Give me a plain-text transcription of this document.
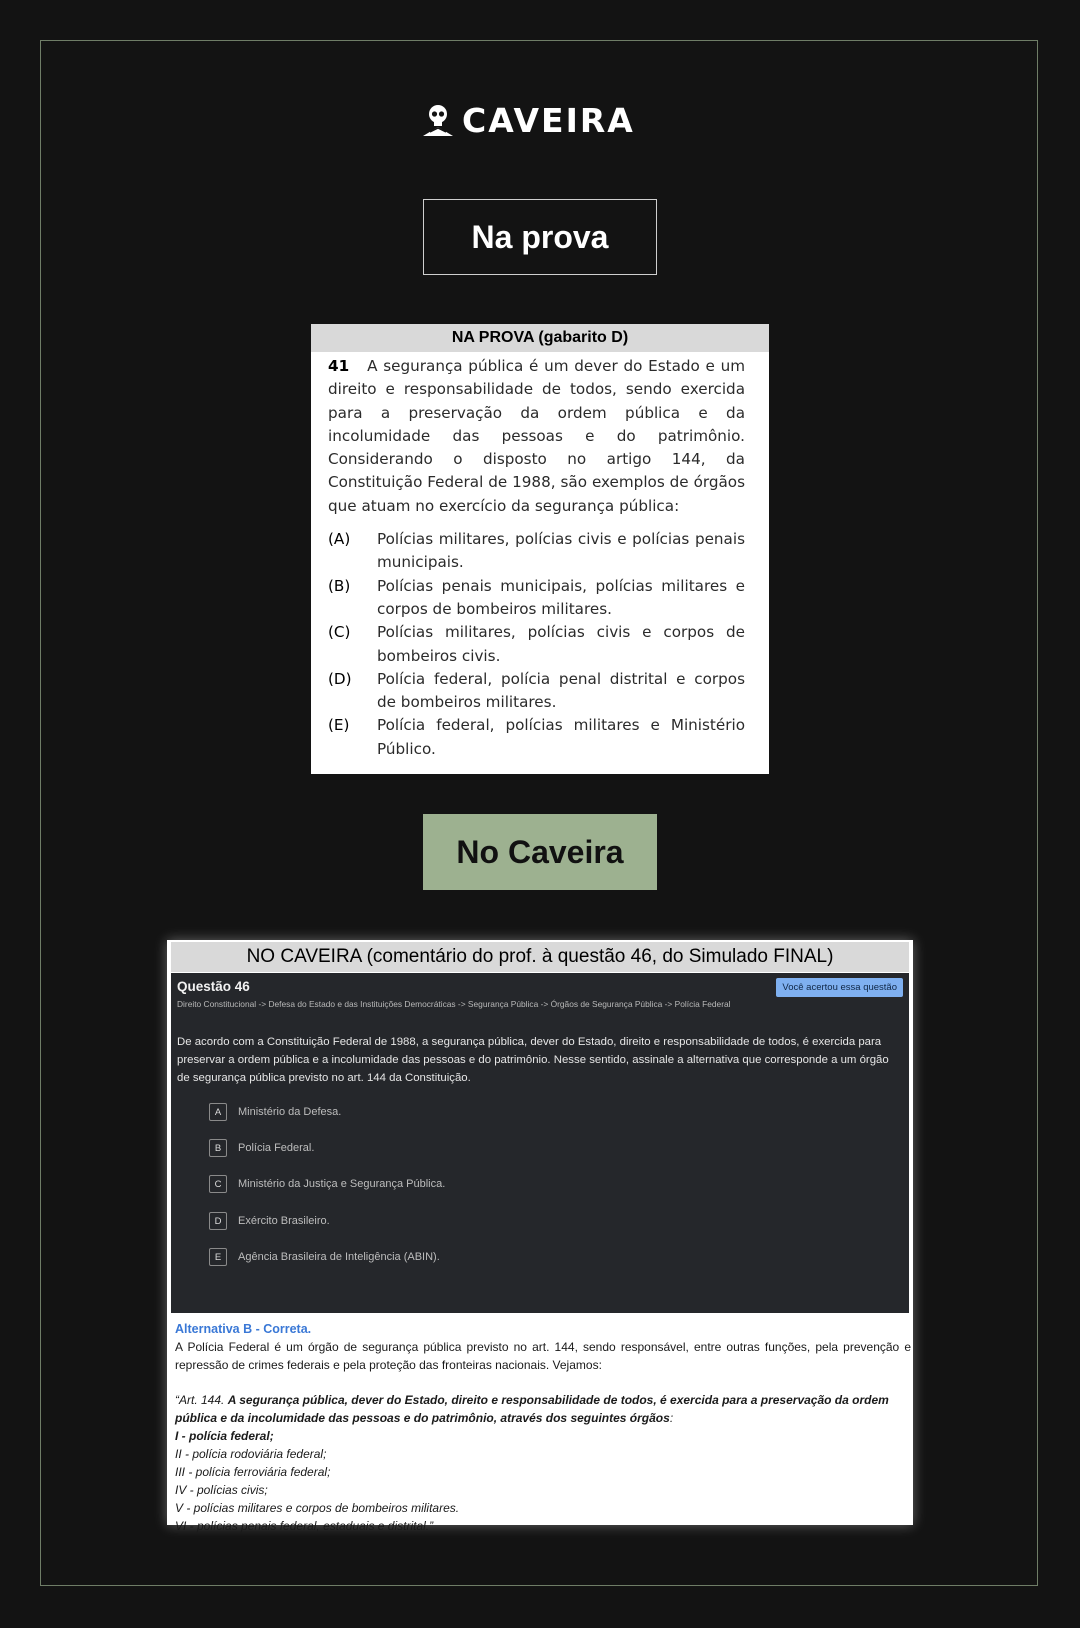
CAVEIRA
Na prova
NA PROVA (gabarito D)
41 A segurança pública é um dever do Estado e um direito e responsabilidade de todos, sendo exercida para a preservação da ordem pública e da incolumidade das pessoas e do patrimônio. Considerando o disposto no artigo 144, da Constituição Federal de 1988, são exemplos de órgãos que atuam no exercício da segurança pública:
(A)	Polícias militares, polícias civis e polícias penais municipais.
(B)	Polícias penais municipais, polícias militares e corpos de bombeiros militares.
(C)	Polícias militares, polícias civis e corpos de bombeiros civis.
(D)	Polícia federal, polícia penal distrital e corpos de bombeiros militares.
(E)	Polícia federal, polícias militares e Ministério Público.
No Caveira
NO CAVEIRA (comentário do prof. à questão 46, do Simulado FINAL)
Questão 46
Direito Constitucional -> Defesa do Estado e das Instituições Democráticas -> Segurança Pública -> Órgãos de Segurança Pública -> Polícia Federal
Você acertou essa questão
De acordo com a Constituição Federal de 1988, a segurança pública, dever do Estado, direito e responsabilidade de todos, é exercida para preservar a ordem pública e a incolumidade das pessoas e do patrimônio. Nesse sentido, assinale a alternativa que corresponde a um órgão de segurança pública previsto no art. 144 da Constituição.
A	Ministério da Defesa.
B	Polícia Federal.
C	Ministério da Justiça e Segurança Pública.
D	Exército Brasileiro.
E	Agência Brasileira de Inteligência (ABIN).
Alternativa B - Correta.
A Polícia Federal é um órgão de segurança pública previsto no art. 144, sendo responsável, entre outras funções, pela prevenção e repressão de crimes federais e pela proteção das fronteiras nacionais. Vejamos:
“Art. 144. A segurança pública, dever do Estado, direito e responsabilidade de todos, é exercida para a preservação da ordem pública e da incolumidade das pessoas e do patrimônio, através dos seguintes órgãos:
I - polícia federal;
II - polícia rodoviária federal;
III - polícia ferroviária federal;
IV - polícias civis;
V - polícias militares e corpos de bombeiros militares.
VI - polícias penais federal, estaduais e distrital.”
